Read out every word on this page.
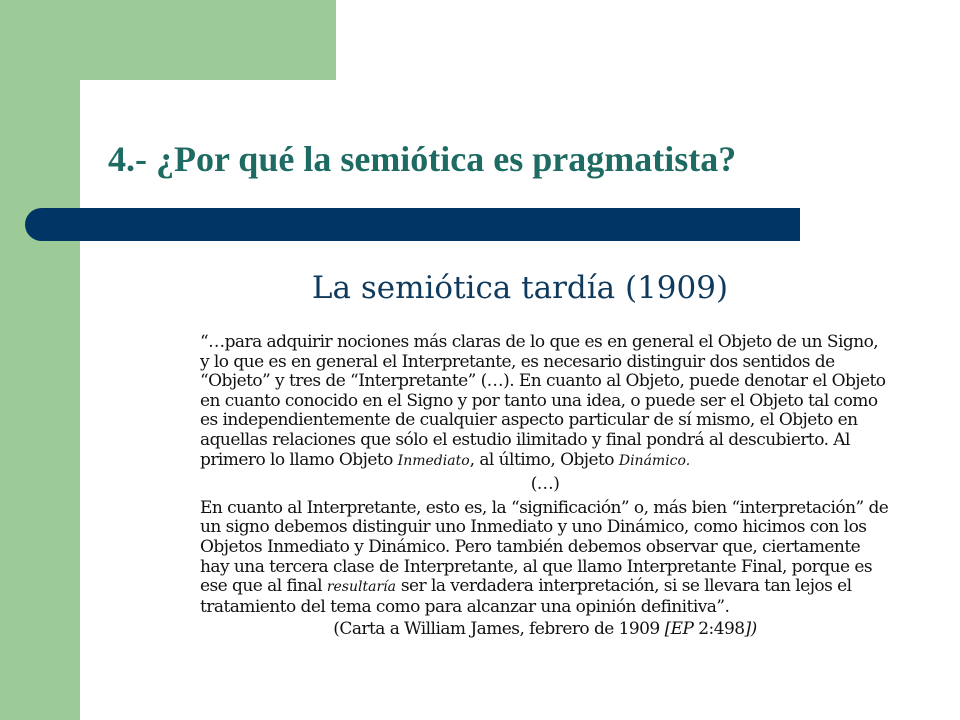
4.- ¿Por qué la semiótica es pragmatista?
La semiótica tardía (1909)

“…para adquirir nociones más claras de lo que es en general el Objeto de un Signo, y lo que es en general el Interpretante, es necesario distinguir dos sentidos de “Objeto” y tres de “Interpretante” (…). En cuanto al Objeto, puede denotar el Objeto en cuanto conocido en el Signo y por tanto una idea, o puede ser el Objeto tal como es independientemente de cualquier aspecto particular de sí mismo, el Objeto en aquellas relaciones que sólo el estudio ilimitado y final pondrá al descubierto. Al primero lo llamo Objeto Inmediato, al último, Objeto Dinámico.

(…)

En cuanto al Interpretante, esto es, la “significación” o, más bien “interpretación” de un signo debemos distinguir uno Inmediato y uno Dinámico, como hicimos con los Objetos Inmediato y Dinámico. Pero también debemos observar que, ciertamente hay una tercera clase de Interpretante, al que llamo Interpretante Final, porque es ese que al final resultaría ser la verdadera interpretación, si se llevara tan lejos el tratamiento del tema como para alcanzar una opinión definitiva”.

(Carta a William James, febrero de 1909 [EP 2:498])
